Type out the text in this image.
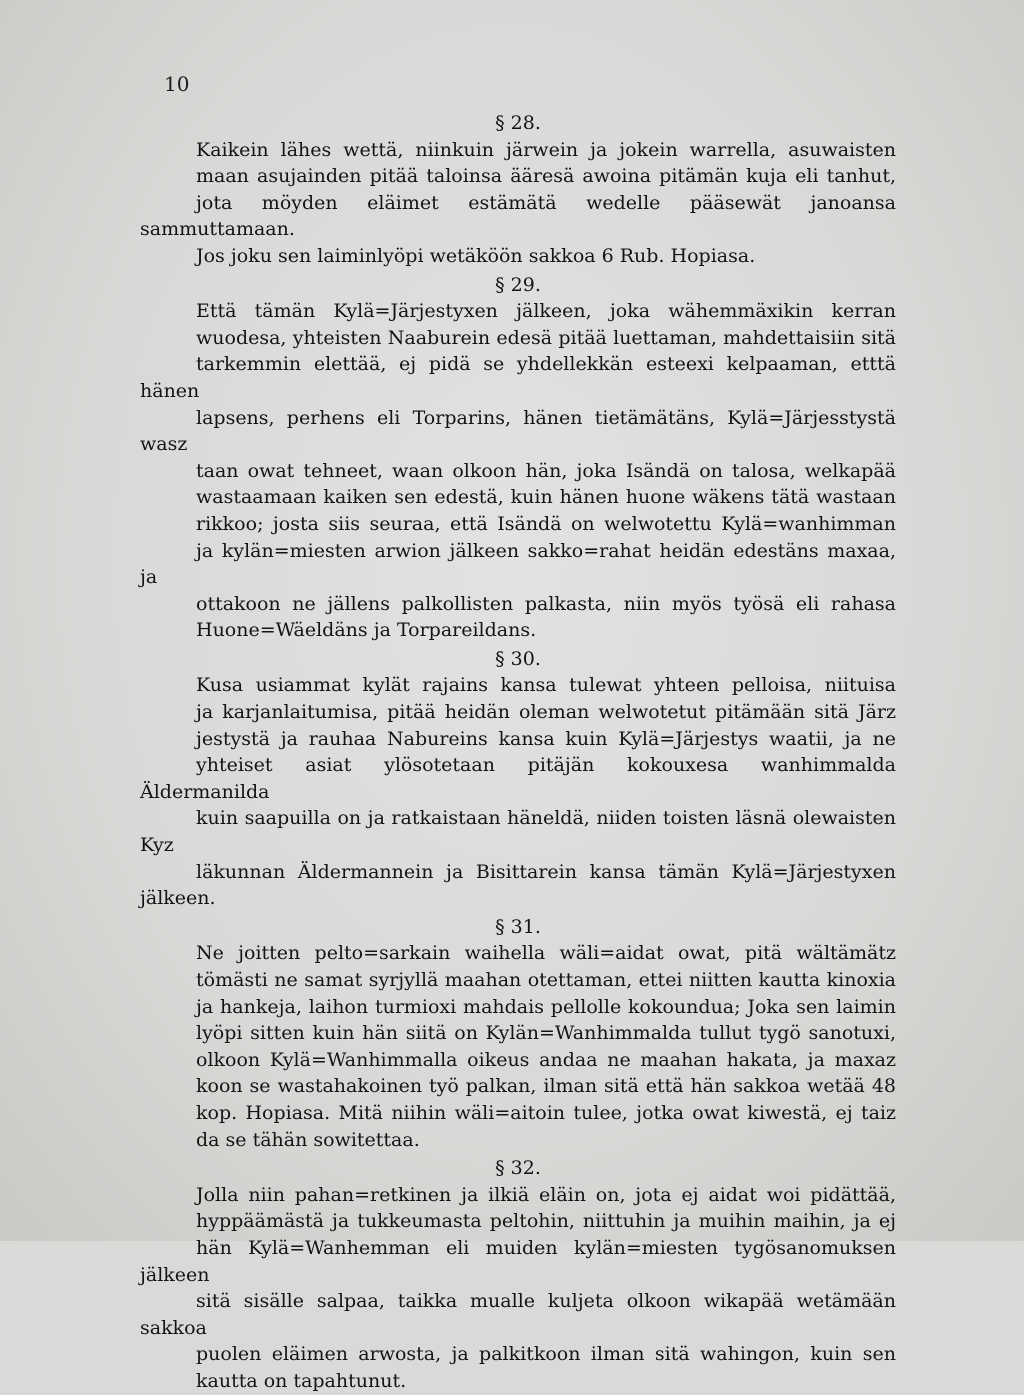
10
§ 28.
Kaikein lähes wettä, niinkuin järwein ja jokein warrella, asuwaisten
maan asujainden pitää taloinsa ääresä awoina pitämän kuja eli tanhut,
jota möyden eläimet estämätä wedelle pääsewät janoansa sammuttamaan.
Jos joku sen laiminlyöpi wetäköön sakkoa 6 Rub. Hopiasa.
§ 29.
Että tämän Kylä=Järjestyxen jälkeen, joka wähemmäxikin kerran
wuodesa, yhteisten Naaburein edesä pitää luettaman, mahdettaisiin sitä
tarkemmin elettää, ej pidä se yhdellekkän esteexi kelpaaman, etttä hänen
lapsens, perhens eli Torparins, hänen tietämätäns, Kylä=Järjesstystä wasz
taan owat tehneet, waan olkoon hän, joka Isändä on talosa, welkapää
wastaamaan kaiken sen edestä, kuin hänen huone wäkens tätä wastaan
rikkoo; josta siis seuraa, että Isändä on welwotettu Kylä=wanhimman
ja kylän=miesten arwion jälkeen sakko=rahat heidän edestäns maxaa, ja
ottakoon ne jällens palkollisten palkasta, niin myös työsä eli rahasa
Huone=Wäeldäns ja Torpareildans.
§ 30.
Kusa usiammat kylät rajains kansa tulewat yhteen pelloisa, niituisa
ja karjanlaitumisa, pitää heidän oleman welwotetut pitämään sitä Järz
jestystä ja rauhaa Nabureins kansa kuin Kylä=Järjestys waatii, ja ne
yhteiset asiat ylösotetaan pitäjän kokouxesa wanhimmalda Äldermanilda
kuin saapuilla on ja ratkaistaan häneldä, niiden toisten läsnä olewaisten Kyz
läkunnan Äldermannein ja Bisittarein kansa tämän Kylä=Järjestyxen jälkeen.
§ 31.
Ne joitten pelto=sarkain waihella wäli=aidat owat, pitä wältämätz
tömästi ne samat syrjyllä maahan otettaman, ettei niitten kautta kinoxia
ja hankeja, laihon turmioxi mahdais pellolle kokoundua; Joka sen laimin
lyöpi sitten kuin hän siitä on Kylän=Wanhimmalda tullut tygö sanotuxi,
olkoon Kylä=Wanhimmalla oikeus andaa ne maahan hakata, ja maxaz
koon se wastahakoinen työ palkan, ilman sitä että hän sakkoa wetää 48
kop. Hopiasa. Mitä niihin wäli=aitoin tulee, jotka owat kiwestä, ej taiz
da se tähän sowitettaa.
§ 32.
Jolla niin pahan=retkinen ja ilkiä eläin on, jota ej aidat woi pidättää,
hyppäämästä ja tukkeumasta peltohin, niittuhin ja muihin maihin, ja ej
hän Kylä=Wanhemman eli muiden kylän=miesten tygösanomuksen jälkeen
sitä sisälle salpaa, taikka mualle kuljeta olkoon wikapää wetämään sakkoa
puolen eläimen arwosta, ja palkitkoon ilman sitä wahingon, kuin sen
kautta on tapahtunut.
